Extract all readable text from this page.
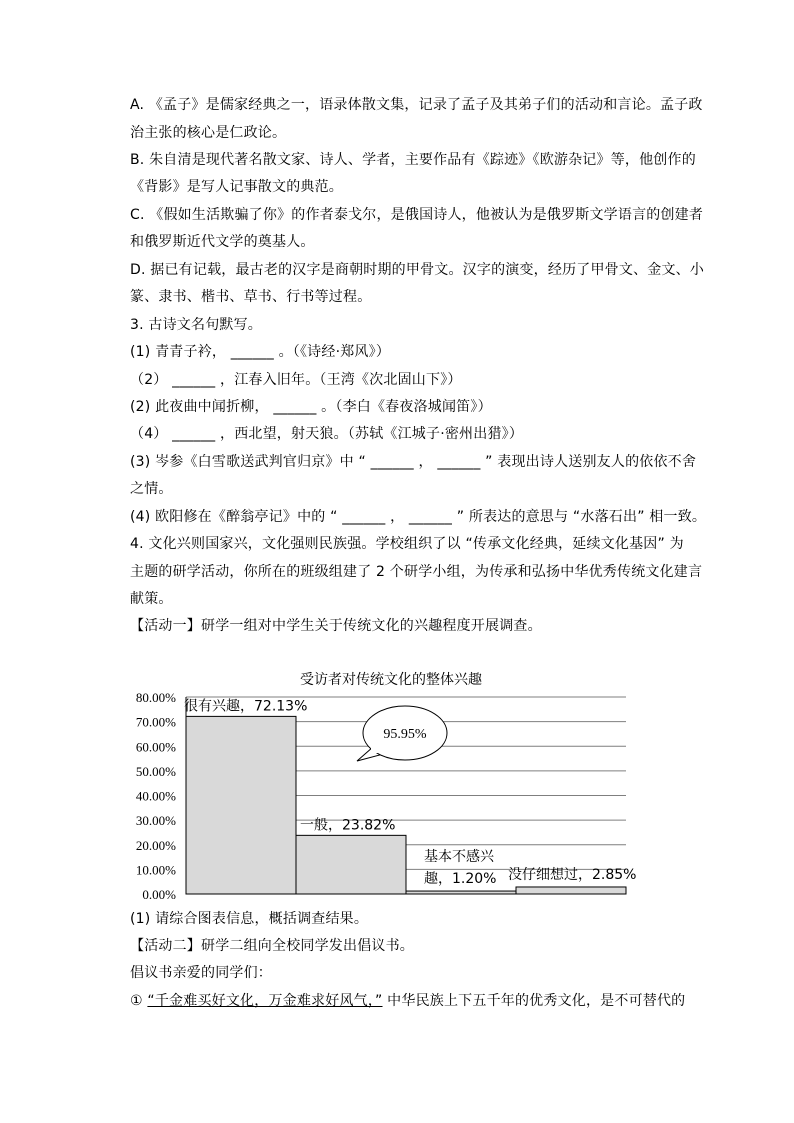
A. 《孟子》是儒家经典之一，语录体散文集，记录了孟子及其弟子们的活动和言论。孟子政
治主张的核心是仁政论。
B. 朱自清是现代著名散文家、诗人、学者，主要作品有《踪迹》《欧游杂记》等，他创作的
《背影》是写人记事散文的典范。
C. 《假如生活欺骗了你》的作者泰戈尔，是俄国诗人，他被认为是俄罗斯文学语言的创建者
和俄罗斯近代文学的奠基人。
D. 据已有记载，最古老的汉字是商朝时期的甲骨文。汉字的演变，经历了甲骨文、金文、小
篆、隶书、楷书、草书、行书等过程。
3. 古诗文名句默写。
(1) 青青子衿， ______ 。（《诗经·郑风》）
（2） ______ ，江春入旧年。（王湾《次北固山下》）
(2) 此夜曲中闻折柳， ______ 。（李白《春夜洛城闻笛》）
（4） ______ ，西北望，射天狼。（苏轼《江城子·密州出猎》）
(3) 岑参《白雪歌送武判官归京》中 “ ______ ， ______ ” 表现出诗人送别友人的依依不舍
之情。
(4) 欧阳修在《醉翁亭记》中的 “ ______ ， ______ ” 所表达的意思与 “水落石出” 相一致。
4. 文化兴则国家兴，文化强则民族强。学校组织了以 “传承文化经典，延续文化基因” 为
主题的研学活动，你所在的班级组建了 2 个研学小组，为传承和弘扬中华优秀传统文化建言
献策。
【活动一】研学一组对中学生关于传统文化的兴趣程度开展调查。
受访者对传统文化的整体兴趣
0.00%
10.00%
20.00%
30.00%
40.00%
50.00%
60.00%
70.00%
80.00%
很有兴趣，72.13%
一般，23.82%
基本不感兴趣，1.20% 没仔细想过，2.85%
95.95%
(1) 请综合图表信息，概括调查结果。
【活动二】研学二组向全校同学发出倡议书。
倡议书亲爱的同学们：
① “千金难买好文化，万金难求好风气，” 中华民族上下五千年的优秀文化，是不可替代的
